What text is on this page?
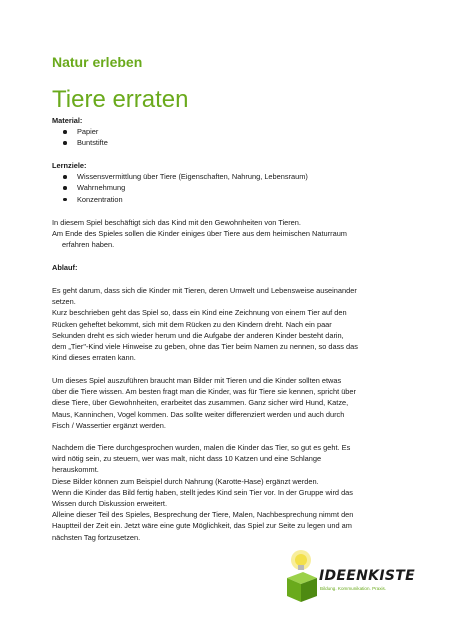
Natur erleben
Tiere erraten

Material:

Papier
Buntstifte

Lernziele:

Wissensvermittlung über Tiere (Eigenschaften, Nahrung, Lebensraum)
Wahrnehmung
Konzentration

In diesem Spiel beschäftigt sich das Kind mit den Gewohnheiten von Tieren.

Am Ende des Spieles sollen die Kinder einiges über Tiere aus dem heimischen Naturraum

erfahren haben.

Ablauf:

Es geht darum, dass sich die Kinder mit Tieren, deren Umwelt und Lebensweise auseinander

setzen.

Kurz beschrieben geht das Spiel so, dass ein Kind eine Zeichnung von einem Tier auf den

Rücken geheftet bekommt, sich mit dem Rücken zu den Kindern dreht. Nach ein paar

Sekunden dreht es sich wieder herum und die Aufgabe der anderen Kinder besteht darin,

dem „Tier"-Kind viele Hinweise zu geben, ohne das Tier beim Namen zu nennen, so dass das

Kind dieses erraten kann.

Um dieses Spiel auszuführen braucht man Bilder mit Tieren und die Kinder sollten etwas

über die Tiere wissen. Am besten fragt man die Kinder, was für Tiere sie kennen, spricht über

diese Tiere, über Gewohnheiten, erarbeitet das zusammen. Ganz sicher wird Hund, Katze,

Maus, Kanninchen, Vogel kommen. Das sollte weiter differenziert werden und auch durch

Fisch / Wassertier ergänzt werden.

Nachdem die Tiere durchgesprochen wurden, malen die Kinder das Tier, so gut es geht. Es

wird nötig sein, zu steuern, wer was malt, nicht dass 10 Katzen und eine Schlange

herauskommt.

Diese Bilder können zum Beispiel durch Nahrung (Karotte-Hase) ergänzt werden.

Wenn die Kinder das Bild fertig haben, stellt jedes Kind sein Tier vor. In der Gruppe wird das

Wissen durch Diskussion erweitert.

Alleine dieser Teil des Spieles, Besprechung der Tiere, Malen, Nachbesprechung nimmt den

Hauptteil der Zeit ein. Jetzt wäre eine gute Möglichkeit, das Spiel zur Seite zu legen und am

nächsten Tag fortzusetzen.

IDEENKISTE
Bildung. Kommunikation. Praxis.
